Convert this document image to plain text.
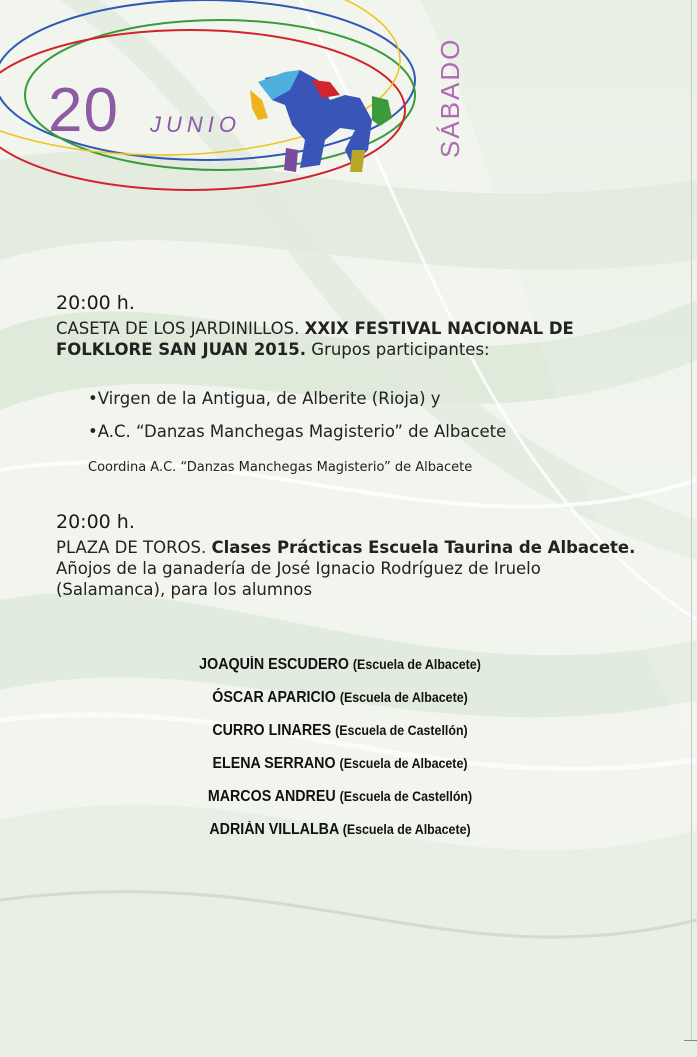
20 JUNIO	SÁBADO
20:00 h.
CASETA DE LOS JARDINILLOS. XXIX FESTIVAL NACIONAL DE FOLKLORE SAN JUAN 2015. Grupos participantes:
•Virgen de la Antigua, de Alberite (Rioja) y
•A.C. “Danzas Manchegas Magisterio” de Albacete
Coordina A.C. “Danzas Manchegas Magisterio” de Albacete
20:00 h.
PLAZA DE TOROS. Clases Prácticas Escuela Taurina de Albacete. Añojos de la ganadería de José Ignacio Rodríguez de Iruelo (Salamanca), para los alumnos
JOAQUÍN ESCUDERO (Escuela de Albacete)
ÓSCAR APARICIO (Escuela de Albacete)
CURRO LINARES (Escuela de Castellón)
ELENA SERRANO (Escuela de Albacete)
MARCOS ANDREU (Escuela de Castellón)
ADRIÁN VILLALBA (Escuela de Albacete)
